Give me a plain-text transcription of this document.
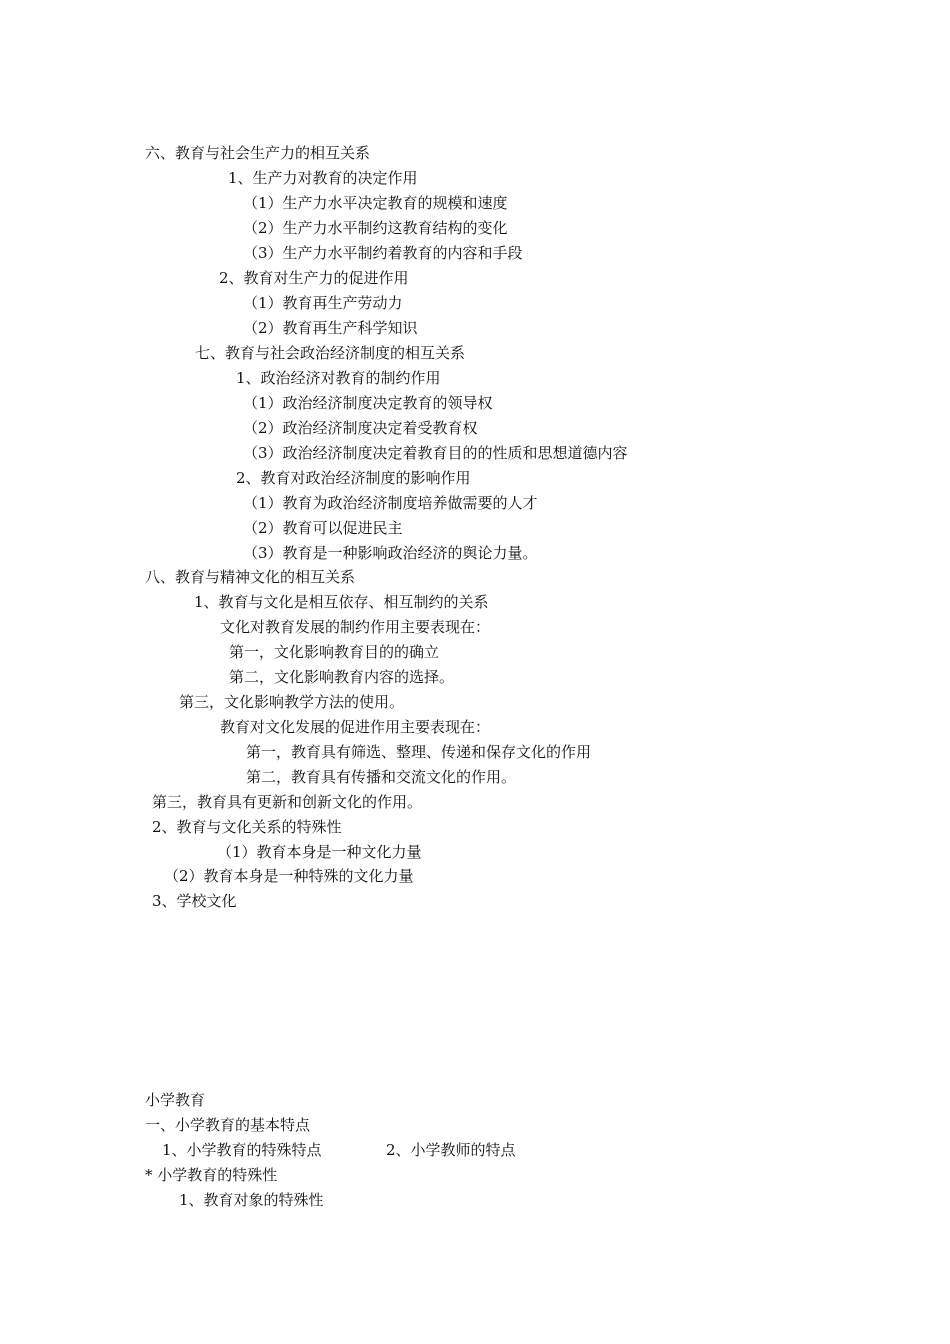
六、教育与社会生产力的相互关系
1、生产力对教育的决定作用
（1）生产力水平决定教育的规模和速度
（2）生产力水平制约这教育结构的变化
（3）生产力水平制约着教育的内容和手段
2、教育对生产力的促进作用
（1）教育再生产劳动力
（2）教育再生产科学知识
七、教育与社会政治经济制度的相互关系
1、政治经济对教育的制约作用
（1）政治经济制度决定教育的领导权
（2）政治经济制度决定着受教育权
（3）政治经济制度决定着教育目的的性质和思想道德内容
2、教育对政治经济制度的影响作用
（1）教育为政治经济制度培养做需要的人才
（2）教育可以促进民主
（3）教育是一种影响政治经济的舆论力量。
八、教育与精神文化的相互关系
1、教育与文化是相互依存、相互制约的关系
文化对教育发展的制约作用主要表现在：
第一，文化影响教育目的的确立
第二，文化影响教育内容的选择。
第三，文化影响教学方法的使用。
教育对文化发展的促进作用主要表现在：
第一，教育具有筛选、整理、传递和保存文化的作用
第二，教育具有传播和交流文化的作用。
第三，教育具有更新和创新文化的作用。
2、教育与文化关系的特殊性
（1）教育本身是一种文化力量
（2）教育本身是一种特殊的文化力量
3、学校文化
小学教育
一、小学教育的基本特点
1、小学教育的特殊特点	2、小学教师的特点
* 小学教育的特殊性
1、教育对象的特殊性
